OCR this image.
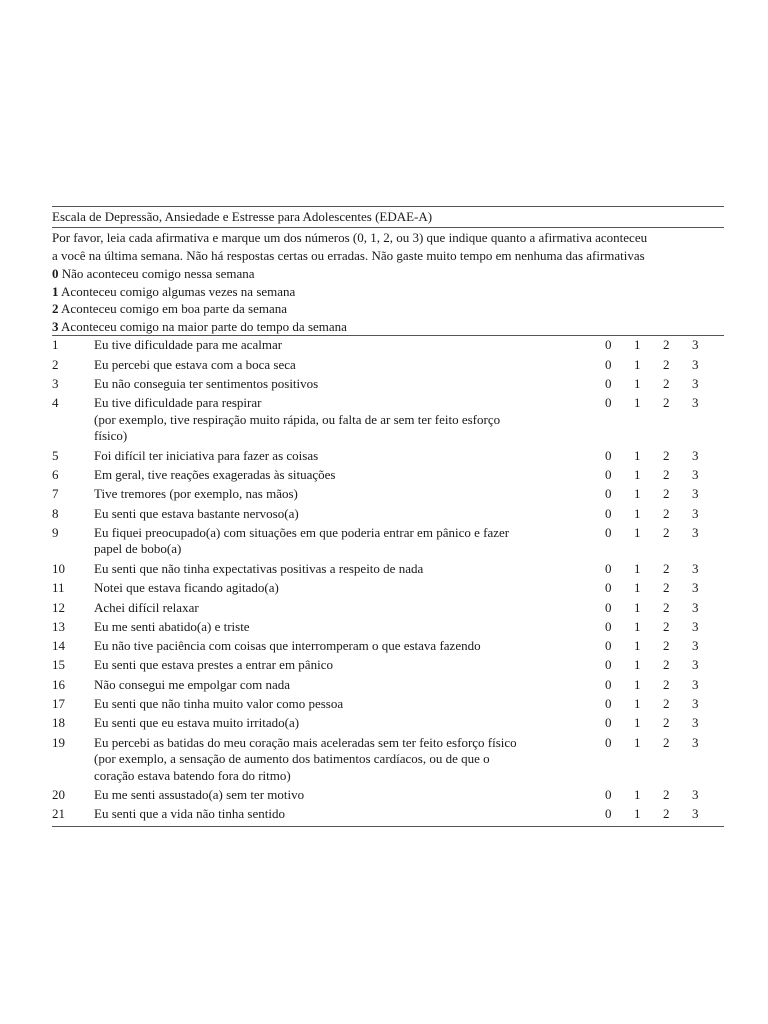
Escala de Depressão, Ansiedade e Estresse para Adolescentes (EDAE-A)
Por favor, leia cada afirmativa e marque um dos números (0, 1, 2, ou 3) que indique quanto a afirmativa aconteceu
a você na última semana. Não há respostas certas ou erradas. Não gaste muito tempo em nenhuma das afirmativas
0 Não aconteceu comigo nessa semana
1 Aconteceu comigo algumas vezes na semana
2 Aconteceu comigo em boa parte da semana
3 Aconteceu comigo na maior parte do tempo da semana
1	Eu tive dificuldade para me acalmar	0	1	2	3
2	Eu percebi que estava com a boca seca	0	1	2	3
3	Eu não conseguia ter sentimentos positivos	0	1	2	3
4	Eu tive dificuldade para respirar
(por exemplo, tive respiração muito rápida, ou falta de ar sem ter feito esforço
físico)
0	1	2	3
5	Foi difícil ter iniciativa para fazer as coisas	0	1	2	3
6	Em geral, tive reações exageradas às situações	0	1	2	3
7	Tive tremores (por exemplo, nas mãos)	0	1	2	3
8	Eu senti que estava bastante nervoso(a)	0	1	2	3
9	Eu fiquei preocupado(a) com situações em que poderia entrar em pânico e fazer
papel de bobo(a)
0	1	2	3
10	Eu senti que não tinha expectativas positivas a respeito de nada	0	1	2	3
11	Notei que estava ficando agitado(a)	0	1	2	3
12	Achei difícil relaxar	0	1	2	3
13	Eu me senti abatido(a) e triste	0	1	2	3
14	Eu não tive paciência com coisas que interromperam o que estava fazendo	0	1	2	3
15	Eu senti que estava prestes a entrar em pânico	0	1	2	3
16	Não consegui me empolgar com nada	0	1	2	3
17	Eu senti que não tinha muito valor como pessoa	0	1	2	3
18	Eu senti que eu estava muito irritado(a)	0	1	2	3
19	Eu percebi as batidas do meu coração mais aceleradas sem ter feito esforço físico
(por exemplo, a sensação de aumento dos batimentos cardíacos, ou de que o
coração estava batendo fora do ritmo)
0	1	2	3
20	Eu me senti assustado(a) sem ter motivo	0	1	2	3
21	Eu senti que a vida não tinha sentido	0	1	2	3
